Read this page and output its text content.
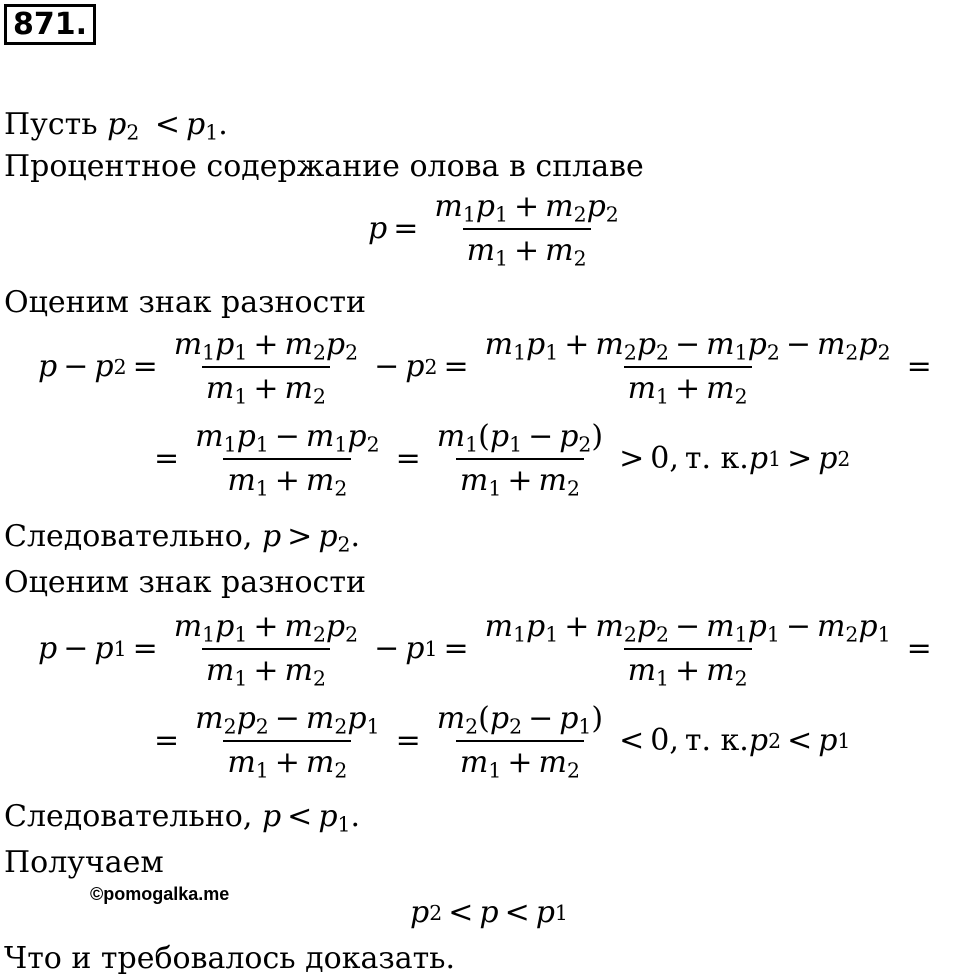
871.
Пусть $p_2 < p_1$.
Процентное содержание олова в сплаве
$p = \frac{m_1p_1 + m_2p_2}{m_1 + m_2}$
Оценим знак разности
p − p $2 = \frac{m_1p_1 + m_2p_2}{m_1 + m_2} - p$ $2 = \frac{m_1p_1 + m_2p_2 - m_1p_2 - m_2p_2}{m_1 + m_2}$ =
= $\frac{m_1p_1 - m_1p_2}{m_1 + m_2} = \frac{m_1(p_1 - p_2)}{m_1 + m_2} > 0$, т. к. p 1 > p 2
Следовательно, $p > p_2$.
Оценим знак разности
p − p $1 = \frac{m_1p_1 + m_2p_2}{m_1 + m_2} - p$ $1 = \frac{m_1p_1 + m_2p_2 - m_1p_1 - m_2p_1}{m_1 + m_2}$ =
= $\frac{m_2p_2 - m_2p_1}{m_1 + m_2} = \frac{m_2(p_2 - p_1)}{m_1 + m_2} < 0$, т. к. p 2 < p 1
Следовательно, $p < p_1$.
Получаем
©pomogalka.me
p 2 < p < p 1
Что и требовалось доказать.
